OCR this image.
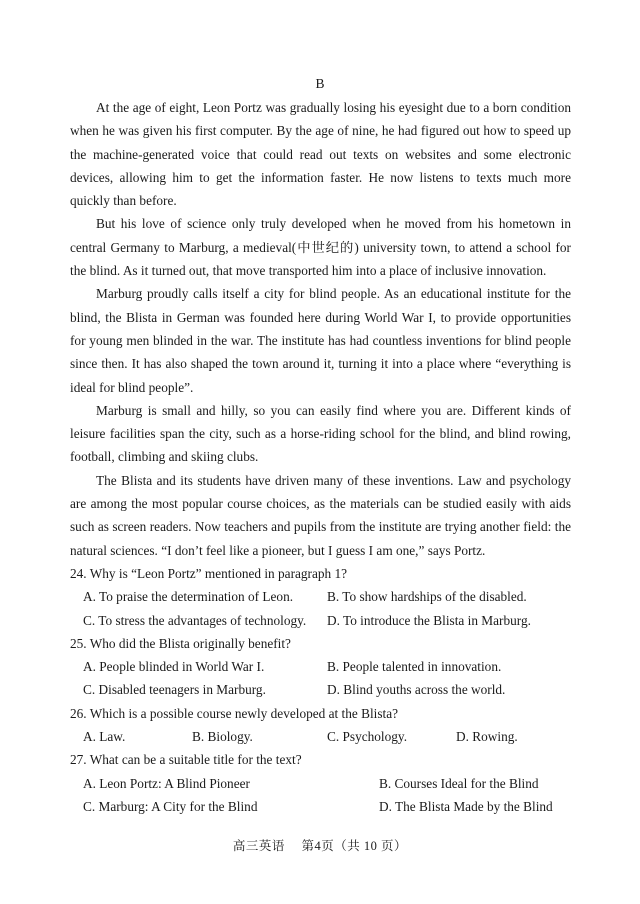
B

At the age of eight, Leon Portz was gradually losing his eyesight due to a born condition when he was given his first computer. By the age of nine, he had figured out how to speed up the machine-generated voice that could read out texts on websites and some electronic devices, allowing him to get the information faster. He now listens to texts much more quickly than before.

But his love of science only truly developed when he moved from his hometown in central Germany to Marburg, a medieval(中世纪的) university town, to attend a school for the blind. As it turned out, that move transported him into a place of inclusive innovation.

Marburg proudly calls itself a city for blind people. As an educational institute for the blind, the Blista in German was founded here during World War I, to provide opportunities for young men blinded in the war. The institute has had countless inventions for blind people since then. It has also shaped the town around it, turning it into a place where “everything is ideal for blind people”.

Marburg is small and hilly, so you can easily find where you are. Different kinds of leisure facilities span the city, such as a horse-riding school for the blind, and blind rowing, football, climbing and skiing clubs.

The Blista and its students have driven many of these inventions. Law and psychology are among the most popular course choices, as the materials can be studied easily with aids such as screen readers. Now teachers and pupils from the institute are trying another field: the natural sciences. “I don’t feel like a pioneer, but I guess I am one,” says Portz.

24. Why is “Leon Portz” mentioned in paragraph 1?

A. To praise the determination of Leon.	B. To show hardships of the disabled.
C. To stress the advantages of technology. D. To introduce the Blista in Marburg.

25. Who did the Blista originally benefit?

A. People blinded in World War I.	B. People talented in innovation.
C. Disabled teenagers in Marburg.	D. Blind youths across the world.

26. Which is a possible course newly developed at the Blista?

A. Law.	B. Biology.	C. Psychology.	D. Rowing.

27. What can be a suitable title for the text?

A. Leon Portz: A Blind Pioneer	B. Courses Ideal for the Blind
C. Marburg: A City for the Blind	D. The Blista Made by the Blind
高三英语　 第4页（共 10 页）
